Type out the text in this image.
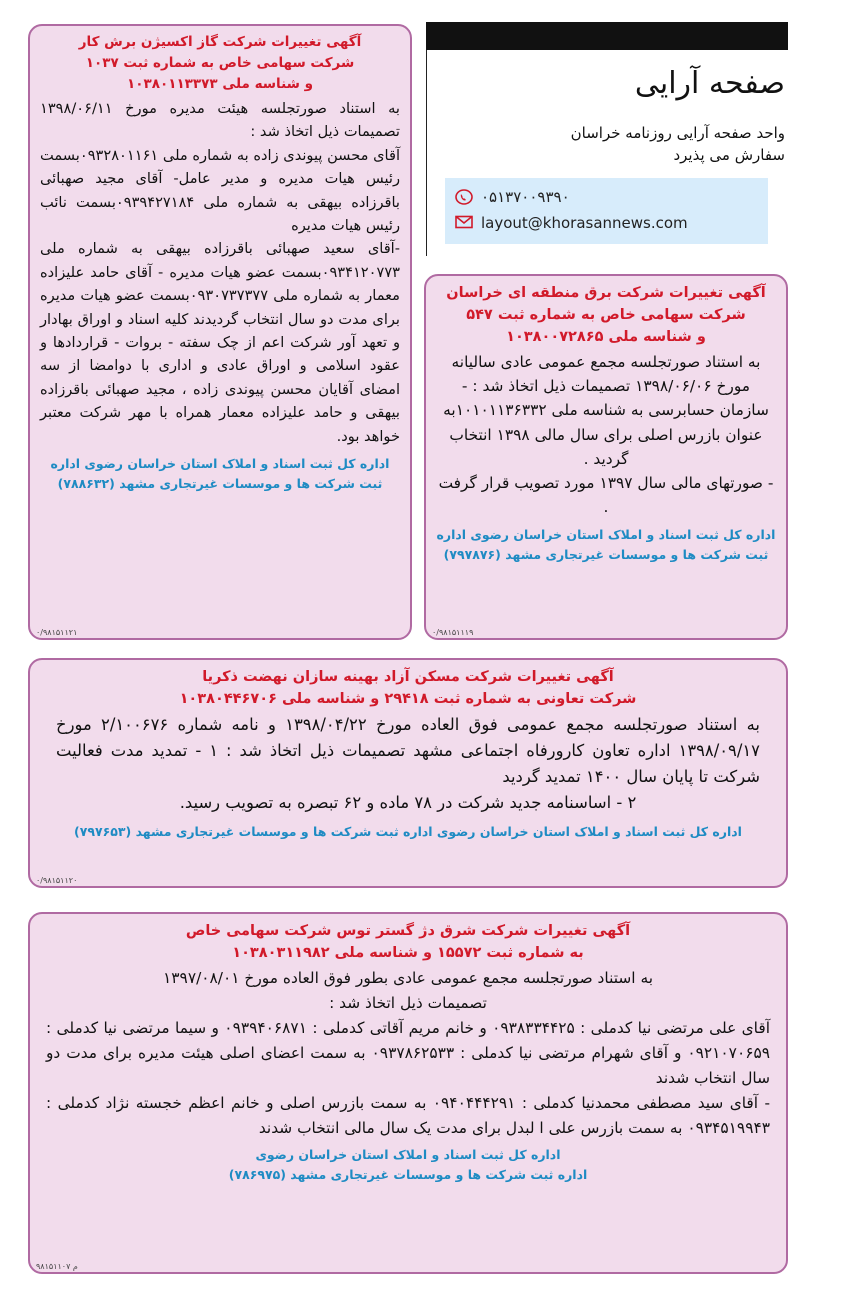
آگهی تغییرات شرکت گاز اکسیژن برش کار

شرکت سهامی خاص به شماره ثبت ۱۰۳۷

و شناسه ملی ۱۰۳۸۰۱۱۳۳۷۳

به استناد صورتجلسه هیئت مدیره مورخ ۱۳۹۸/۰۶/۱۱ تصمیمات ذیل اتخاذ شد :

آقای محسن پیوندی زاده به شماره ملی ۰۹۳۲۸۰۱۱۶۱بسمت رئیس هیات مدیره و مدیر عامل- آقای مجید صهبائی باقرزاده بیهقی به شماره ملی ۰۹۳۹۴۲۷۱۸۴بسمت نائب رئیس هیات مدیره

-آقای سعید صهبائی باقرزاده بیهقی به شماره ملی ۰۹۳۴۱۲۰۷۷۳بسمت عضو هیات مدیره - آقای حامد علیزاده معمار به شماره ملی ۰۹۳۰۷۳۷۳۷۷بسمت عضو هیات مدیره برای مدت دو سال انتخاب گردیدند کلیه اسناد و اوراق بهادار و تعهد آور شرکت اعم از چک سفته - بروات - قراردادها و عقود اسلامی و اوراق عادی و اداری با دوامضا از سه امضای آقایان محسن پیوندی زاده ، مجید صهبائی باقرزاده بیهقی و حامد علیزاده معمار همراه با مهر شرکت معتبر خواهد بود.

اداره کل ثبت اسناد و املاک استان خراسان رضوی اداره
ثبت شرکت ها و موسسات غیرتجاری مشهد (۷۸۸۶۳۲)
۰/۹۸۱۵۱۱۲۱
صفحه آرایی
واحد صفحه آرایی روزنامه خراسان
سفارش می پذیرد
۰۵۱۳۷۰۰۹۳۹۰
layout@khorasannews.com

آگهی تغییرات شرکت برق منطقه ای خراسان

شرکت سهامی خاص به شماره ثبت ۵۴۷

و شناسه ملی ۱۰۳۸۰۰۷۲۸۶۵

به استناد صورتجلسه مجمع عمومی عادی سالیانه مورخ ۱۳۹۸/۰۶/۰۶ تصمیمات ذیل اتخاذ شد : - سازمان حسابرسی به شناسه ملی ۱۰۱۰۱۱۳۶۳۳۲به عنوان بازرس اصلی برای سال مالی ۱۳۹۸ انتخاب گردید .

- صورتهای مالی سال ۱۳۹۷ مورد تصویب قرار گرفت .

اداره کل ثبت اسناد و املاک استان خراسان رضوی اداره
ثبت شرکت ها و موسسات غیرتجاری مشهد (۷۹۷۸۷۶)
۰/۹۸۱۵۱۱۱۹

آگهی تغییرات شرکت مسکن آزاد بهینه سازان نهضت ذکریا

شرکت تعاونی به شماره ثبت ۲۹۴۱۸ و شناسه ملی ۱۰۳۸۰۴۴۶۷۰۶

به استناد صورتجلسه مجمع عمومی فوق العاده مورخ ۱۳۹۸/۰۴/۲۲ و نامه شماره ۲/۱۰۰۶۷۶ مورخ ۱۳۹۸/۰۹/۱۷ اداره تعاون کارورفاه اجتماعی مشهد تصمیمات ذیل اتخاذ شد : ۱ - تمدید مدت فعالیت شرکت تا پایان سال ۱۴۰۰ تمدید گردید

۲ - اساسنامه جدید شرکت در ۷۸ ماده و ۶۲ تبصره به تصویب رسید.

اداره کل ثبت اسناد و املاک استان خراسان رضوی اداره ثبت شرکت ها و موسسات غیرتجاری مشهد (۷۹۷۶۵۳)
۰/۹۸۱۵۱۱۲۰

آگهی تغییرات شرکت شرق دژ گستر توس شرکت سهامی خاص

به شماره ثبت ۱۵۵۷۲ و شناسه ملی ۱۰۳۸۰۳۱۱۹۸۲

به استناد صورتجلسه مجمع عمومی عادی بطور فوق العاده مورخ ۱۳۹۷/۰۸/۰۱

تصمیمات ذیل اتخاذ شد :

آقای علی مرتضی نیا کدملی : ۰۹۳۸۳۳۴۴۲۵ و خانم مریم آقاتی کدملی : ۰۹۳۹۴۰۶۸۷۱ و سیما مرتضی نیا کدملی : ۰۹۲۱۰۷۰۶۵۹ و آقای شهرام مرتضی نیا کدملی : ۰۹۳۷۸۶۲۵۳۳ به سمت اعضای اصلی هیئت مدیره برای مدت دو سال انتخاب شدند

- آقای سید مصطفی محمدنیا کدملی : ۰۹۴۰۴۴۴۲۹۱ به سمت بازرس اصلی و خانم اعظم خجسته نژاد کدملی : ۰۹۳۴۵۱۹۹۴۳ به سمت بازرس علی ا لبدل برای مدت یک سال مالی انتخاب شدند

اداره کل ثبت اسناد و املاک استان خراسان رضوی
اداره ثبت شرکت ها و موسسات غیرتجاری مشهد (۷۸۶۹۷۵)
م ۹۸۱۵۱۱۰۷
